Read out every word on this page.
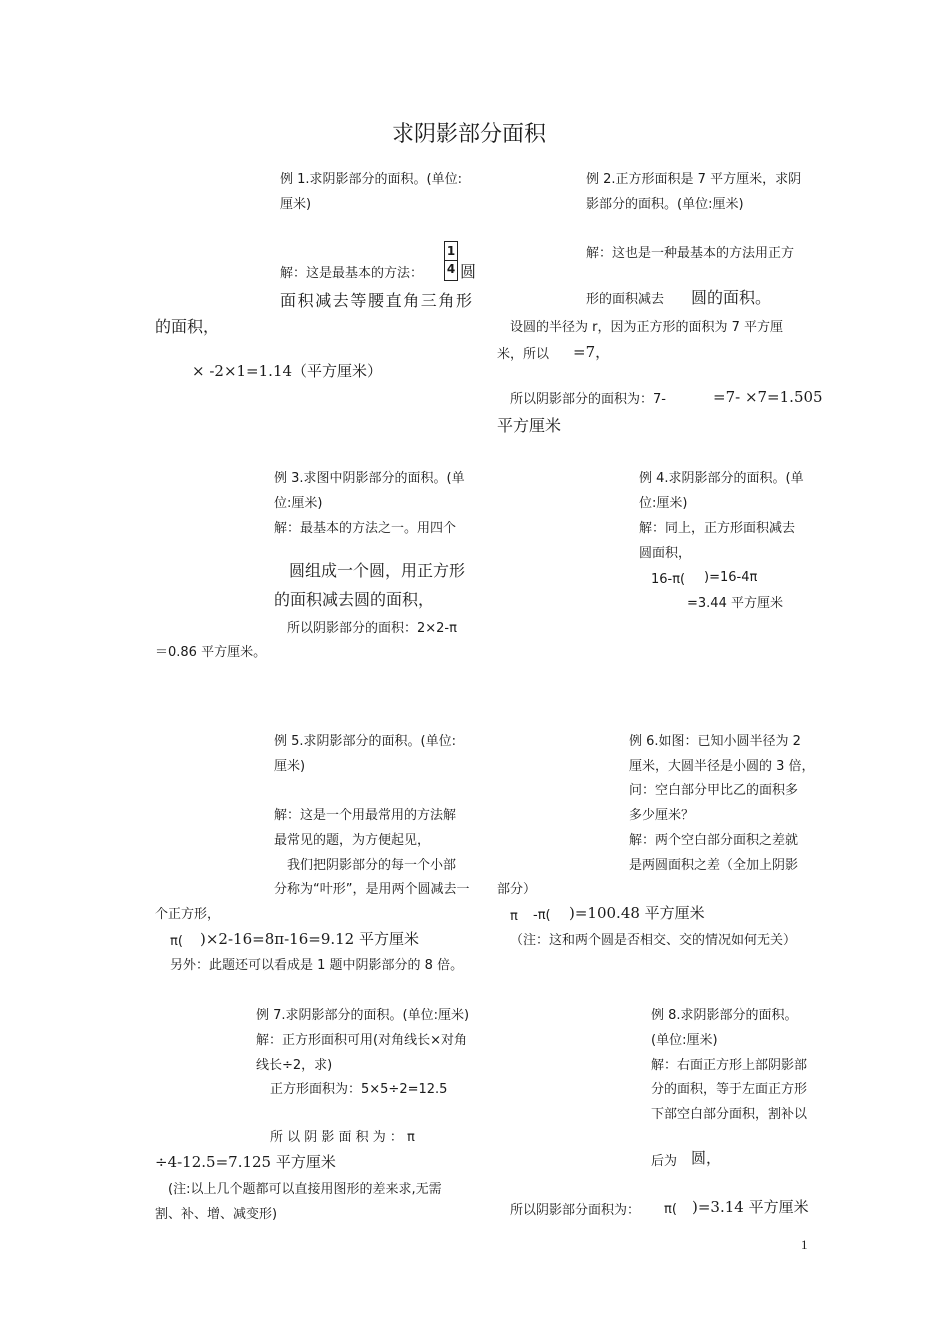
求阴影部分面积
例 1.求阴影部分的面积。(单位:
厘米)
解：这是最基本的方法：
1
4 圆
面积减去等腰直角三角形
的面积，
× -2×1=1.14（平方厘米）
例 2.正方形面积是 7 平方厘米，求阴
影部分的面积。(单位:厘米)
解：这也是一种最基本的方法用正方
形的面积减去 圆的面积。
设圆的半径为 r，因为正方形的面积为 7 平方厘
米，所以 =7，
所以阴影部分的面积为：7-	=7- ×7=1.505
平方厘米
例 3.求图中阴影部分的面积。(单
位:厘米)
解：最基本的方法之一。用四个
圆组成一个圆，用正方形
的面积减去圆的面积，
所以阴影部分的面积：2×2-π
＝0.86 平方厘米。
例 4.求阴影部分的面积。(单
位:厘米)
解：同上，正方形面积减去
圆面积，
16-π( )=16-4π
=3.44 平方厘米
例 5.求阴影部分的面积。(单位:
厘米)
解：这是一个用最常用的方法解
最常见的题，为方便起见，
我们把阴影部分的每一个小部
分称为“叶形”，是用两个圆减去一
个正方形，
π( )×2-16=8π-16=9.12 平方厘米
另外：此题还可以看成是 1 题中阴影部分的 8 倍。
例 6.如图：已知小圆半径为 2
厘米，大圆半径是小圆的 3 倍，
问：空白部分甲比乙的面积多
多少厘米？
解：两个空白部分面积之差就
是两圆面积之差（全加上阴影
部分）
π -π( )=100.48 平方厘米
（注：这和两个圆是否相交、交的情况如何无关）
例 7.求阴影部分的面积。(单位:厘米)
解：正方形面积可用(对角线长×对角
线长÷2，求)
正方形面积为：5×5÷2=12.5
所 以 阴 影 面 积 为 ： π
÷4-12.5=7.125 平方厘米
(注:以上几个题都可以直接用图形的差来求,无需
割、补、增、减变形)
例 8.求阴影部分的面积。
(单位:厘米)
解：右面正方形上部阴影部
分的面积，等于左面正方形
下部空白部分面积，割补以
后为 圆，
所以阴影部分面积为： π( )=3.14 平方厘米
1
